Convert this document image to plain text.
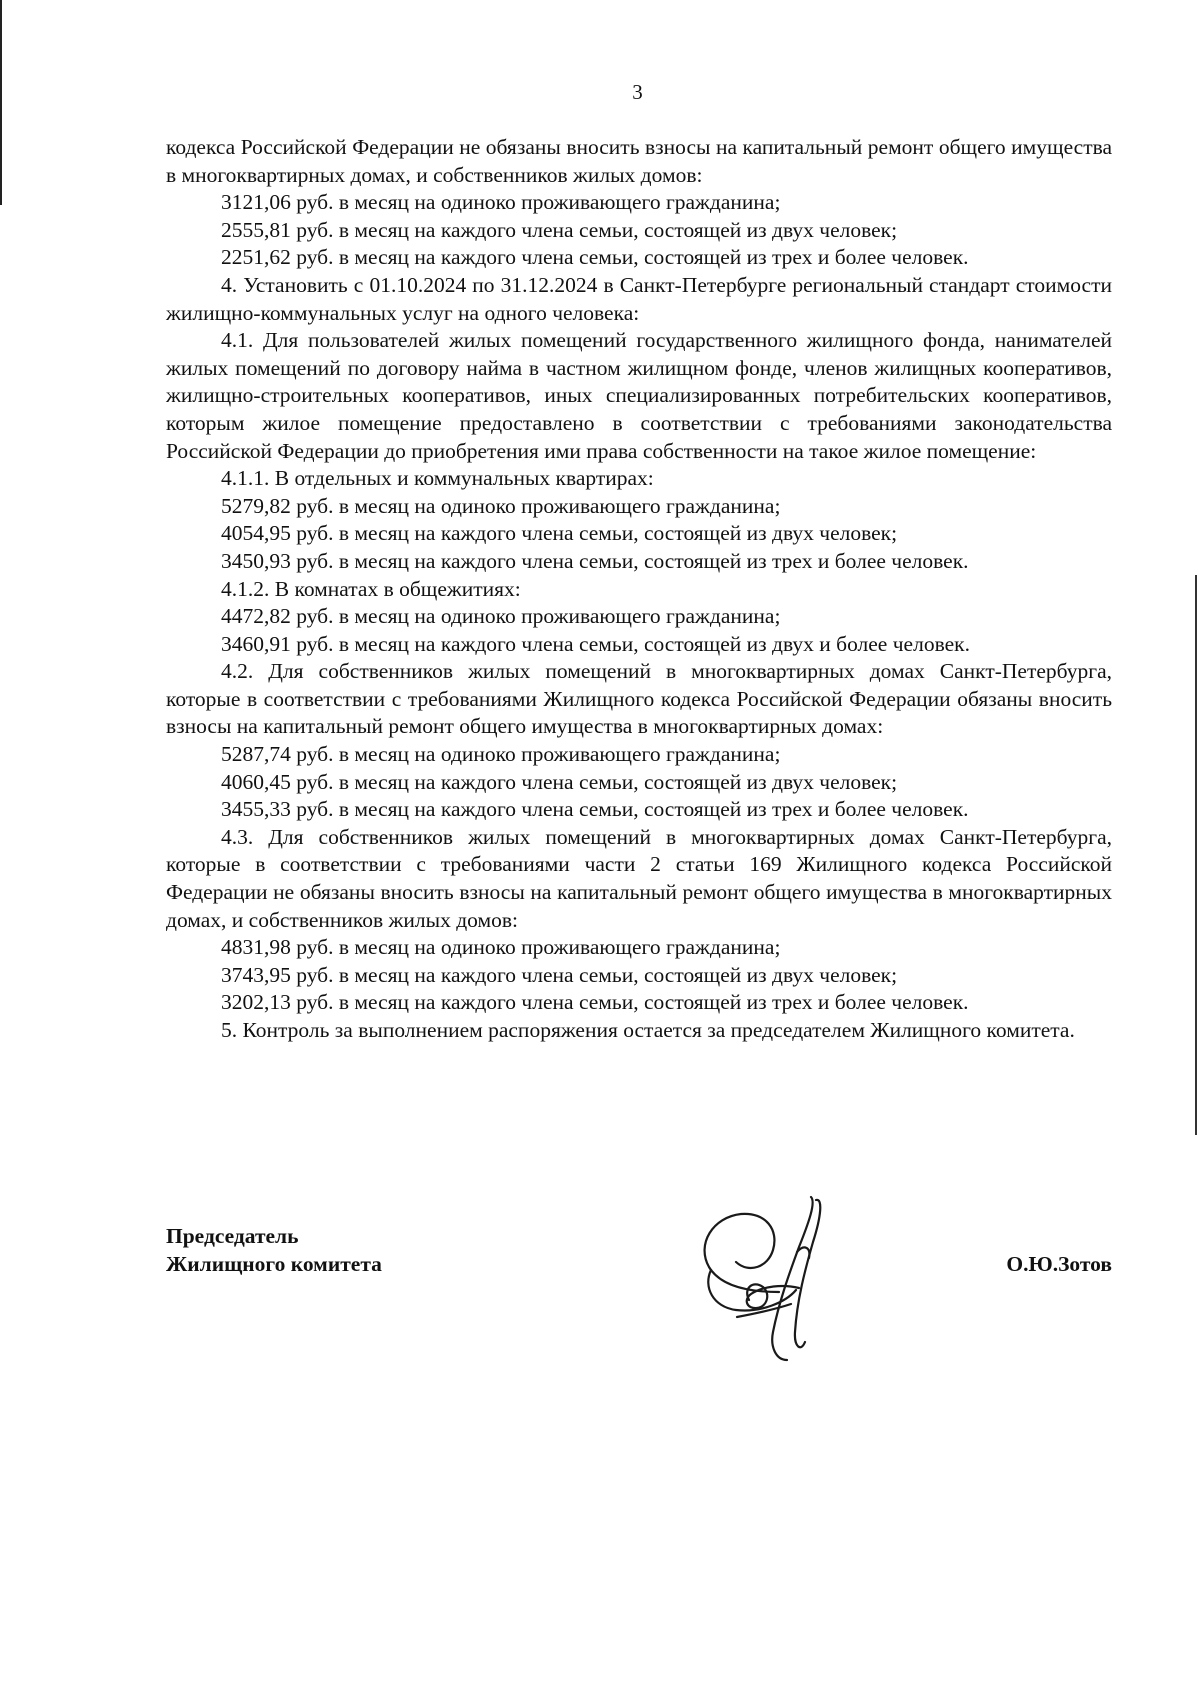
3

кодекса Российской Федерации не обязаны вносить взносы на капитальный ремонт общего имущества в многоквартирных домах, и собственников жилых домов:

3121,06 руб. в месяц на одиноко проживающего гражданина;

2555,81 руб. в месяц на каждого члена семьи, состоящей из двух человек;

2251,62 руб. в месяц на каждого члена семьи, состоящей из трех и более человек.

4. Установить с 01.10.2024 по 31.12.2024 в Санкт-Петербурге региональный стандарт стоимости жилищно-коммунальных услуг на одного человека:

4.1. Для пользователей жилых помещений государственного жилищного фонда, нанимателей жилых помещений по договору найма в частном жилищном фонде, членов жилищных кооперативов, жилищно-строительных кооперативов, иных специализированных потребительских кооперативов, которым жилое помещение предоставлено в соответствии с требованиями законодательства Российской Федерации до приобретения ими права собственности на такое жилое помещение:

4.1.1. В отдельных и коммунальных квартирах:

5279,82 руб. в месяц на одиноко проживающего гражданина;

4054,95 руб. в месяц на каждого члена семьи, состоящей из двух человек;

3450,93 руб. в месяц на каждого члена семьи, состоящей из трех и более человек.

4.1.2. В комнатах в общежитиях:

4472,82 руб. в месяц на одиноко проживающего гражданина;

3460,91 руб. в месяц на каждого члена семьи, состоящей из двух и более человек.

4.2. Для собственников жилых помещений в многоквартирных домах Санкт-Петербурга, которые в соответствии с требованиями Жилищного кодекса Российской Федерации обязаны вносить взносы на капитальный ремонт общего имущества в многоквартирных домах:

5287,74 руб. в месяц на одиноко проживающего гражданина;

4060,45 руб. в месяц на каждого члена семьи, состоящей из двух человек;

3455,33 руб. в месяц на каждого члена семьи, состоящей из трех и более человек.

4.3. Для собственников жилых помещений в многоквартирных домах Санкт-Петербурга, которые в соответствии с требованиями части 2 статьи 169 Жилищного кодекса Российской Федерации не обязаны вносить взносы на капитальный ремонт общего имущества в многоквартирных домах, и собственников жилых домов:

4831,98 руб. в месяц на одиноко проживающего гражданина;

3743,95 руб. в месяц на каждого члена семьи, состоящей из двух человек;

3202,13 руб. в месяц на каждого члена семьи, состоящей из трех и более человек.

5. Контроль за выполнением распоряжения остается за председателем Жилищного комитета.

Председатель
Жилищного комитета	О.Ю.Зотов
